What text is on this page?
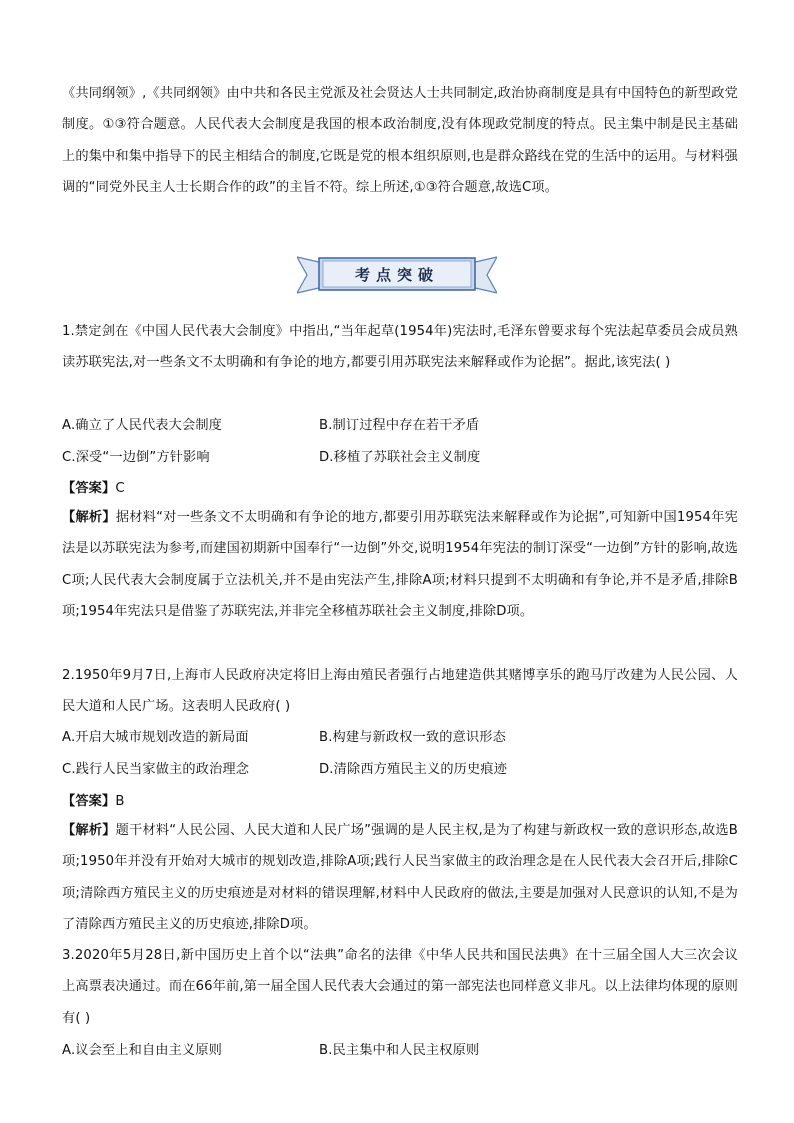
《共同纲领》,《共同纲领》由中共和各民主党派及社会贤达人士共同制定,政治协商制度是具有中国特色的新型政党制度。①③符合题意。人民代表大会制度是我国的根本政治制度,没有体现政党制度的特点。民主集中制是民主基础上的集中和集中指导下的民主相结合的制度,它既是党的根本组织原则,也是群众路线在党的生活中的运用。与材料强调的“同党外民主人士长期合作的政”的主旨不符。综上所述,①③符合题意,故选C项。
考点突破
1.禁定剑在《中国人民代表大会制度》中指出,“当年起草(1954年)宪法时,毛泽东曾要求每个宪法起草委员会成员熟读苏联宪法,对一些条文不太明确和有争论的地方,都要引用苏联宪法来解释或作为论据”。据此,该宪法( )
A.确立了人民代表大会制度	B.制订过程中存在若干矛盾
C.深受“一边倒”方针影响	D.移植了苏联社会主义制度
【答案】C
【解析】据材料“对一些条文不太明确和有争论的地方,都要引用苏联宪法来解释或作为论据”,可知新中国1954年宪法是以苏联宪法为参考,而建国初期新中国奉行“一边倒”外交,说明1954年宪法的制订深受“一边倒”方针的影响,故选C项;人民代表大会制度属于立法机关,并不是由宪法产生,排除A项;材料只提到不太明确和有争论,并不是矛盾,排除B项;1954年宪法只是借鉴了苏联宪法,并非完全移植苏联社会主义制度,排除D项。
2.1950年9月7日,上海市人民政府决定将旧上海由殖民者强行占地建造供其赌博享乐的跑马厅改建为人民公园、人民大道和人民广场。这表明人民政府( )
A.开启大城市规划改造的新局面	B.构建与新政权一致的意识形态
C.践行人民当家做主的政治理念	D.清除西方殖民主义的历史痕迹
【答案】B
【解析】题干材料“人民公园、人民大道和人民广场”强调的是人民主权,是为了构建与新政权一致的意识形态,故选B项;1950年并没有开始对大城市的规划改造,排除A项;践行人民当家做主的政治理念是在人民代表大会召开后,排除C项;清除西方殖民主义的历史痕迹是对材料的错误理解,材料中人民政府的做法,主要是加强对人民意识的认知,不是为了清除西方殖民主义的历史痕迹,排除D项。
3.2020年5月28日,新中国历史上首个以“法典”命名的法律《中华人民共和国民法典》在十三届全国人大三次会议上高票表决通过。而在66年前,第一届全国人民代表大会通过的第一部宪法也同样意义非凡。以上法律均体现的原则有( )
A.议会至上和自由主义原则	B.民主集中和人民主权原则
